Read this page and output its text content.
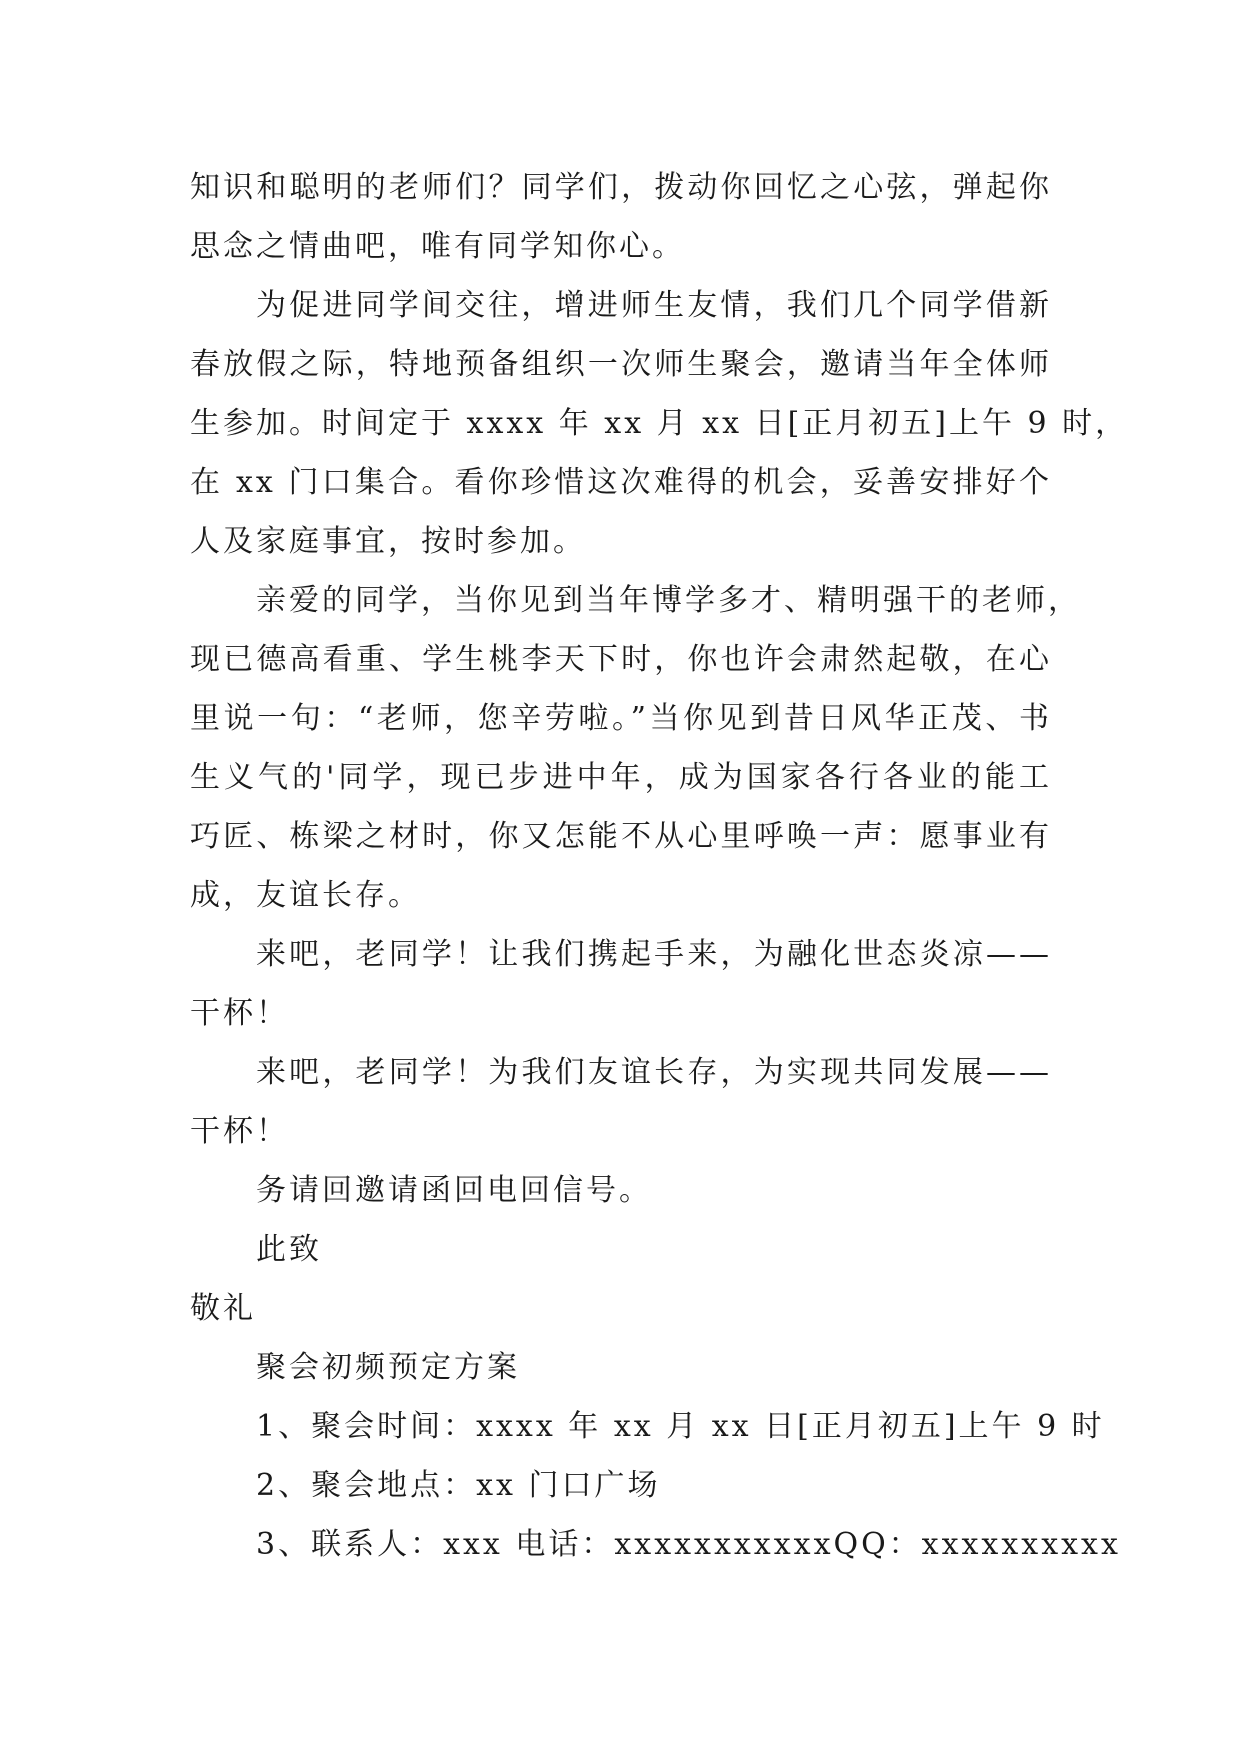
知识和聪明的老师们？同学们，拨动你回忆之心弦，弹起你
思念之情曲吧，唯有同学知你心。
为促进同学间交往，增进师生友情，我们几个同学借新
春放假之际，特地预备组织一次师生聚会，邀请当年全体师
生参加。时间定于 xxxx 年 xx 月 xx 日[正月初五]上午 9 时，
在 xx 门口集合。看你珍惜这次难得的机会，妥善安排好个
人及家庭事宜，按时参加。
亲爱的同学，当你见到当年博学多才、精明强干的老师，
现已德高看重、学生桃李天下时，你也许会肃然起敬，在心
里说一句：“老师，您辛劳啦。”当你见到昔日风华正茂、书
生义气的'同学，现已步进中年，成为国家各行各业的能工
巧匠、栋梁之材时，你又怎能不从心里呼唤一声：愿事业有
成，友谊长存。
来吧，老同学！让我们携起手来，为融化世态炎凉——
干杯！
来吧，老同学！为我们友谊长存，为实现共同发展——
干杯！
务请回邀请函回电回信号。
此致
敬礼
聚会初频预定方案
1、聚会时间：xxxx 年 xx 月 xx 日[正月初五]上午 9 时
2、聚会地点：xx 门口广场
3、联系人：xxx 电话：xxxxxxxxxxxQQ：xxxxxxxxxx
